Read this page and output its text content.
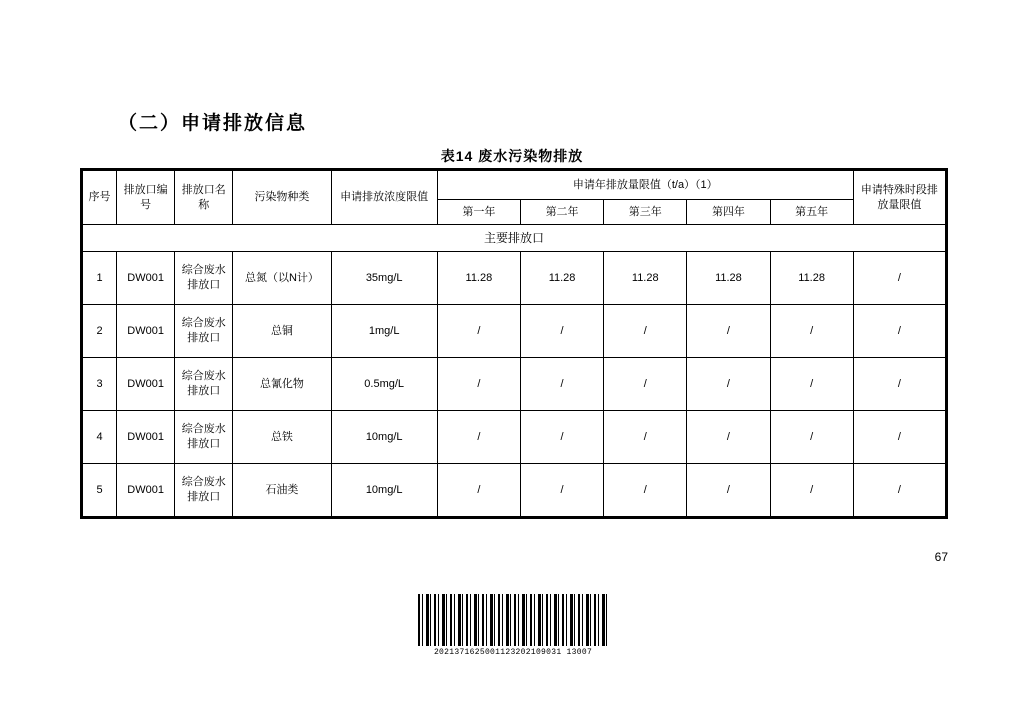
（二）申请排放信息
表14 废水污染物排放
序号	排放口编号	排放口名称	污染物种类	申请排放浓度限值	申请年排放量限值（t/a）（1）					申请特殊时段排放量限值
					第一年	第二年	第三年	第四年	第五年	
主要排放口										
1	DW001	综合废水排放口	总氮（以N计）	35mg/L	11.28	11.28	11.28	11.28	11.28	/
2	DW001	综合废水排放口	总铜	1mg/L	/	/	/	/	/	/
3	DW001	综合废水排放口	总氰化物	0.5mg/L	/	/	/	/	/	/
4	DW001	综合废水排放口	总铁	10mg/L	/	/	/	/	/	/
5	DW001	综合废水排放口	石油类	10mg/L	/	/	/	/	/	/
67
2021371625001123202109031 13007
